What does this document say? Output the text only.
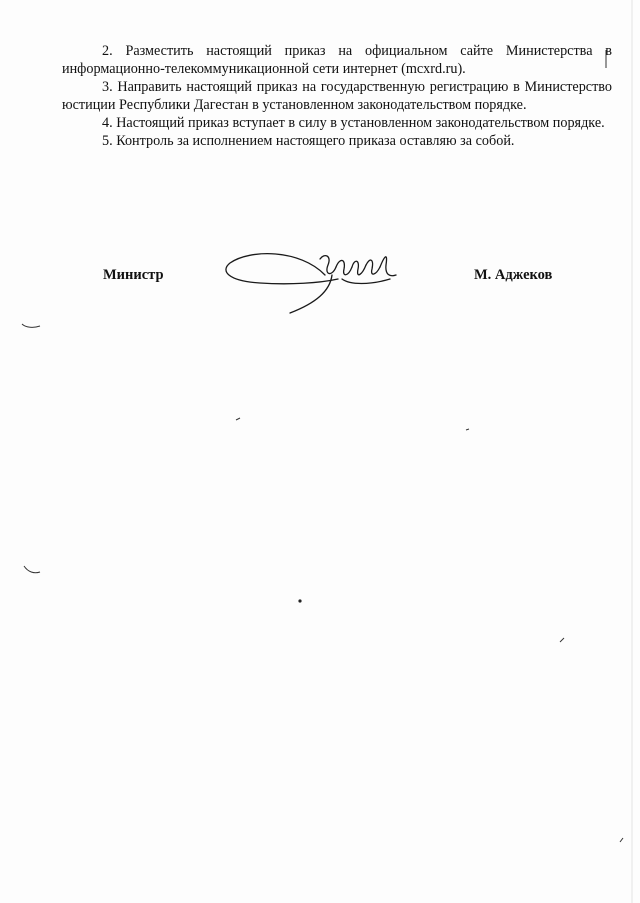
2. Разместить настоящий приказ на официальном сайте Министерства в информационно-телекоммуникационной сети интернет (mcxrd.ru).

3. Направить настоящий приказ на государственную регистрацию в Министерство юстиции Республики Дагестан в установленном законодательством порядке.

4. Настоящий приказ вступает в силу в установленном законодательством порядке.

5. Контроль за исполнением настоящего приказа оставляю за собой.

Министр	М. Аджеков
